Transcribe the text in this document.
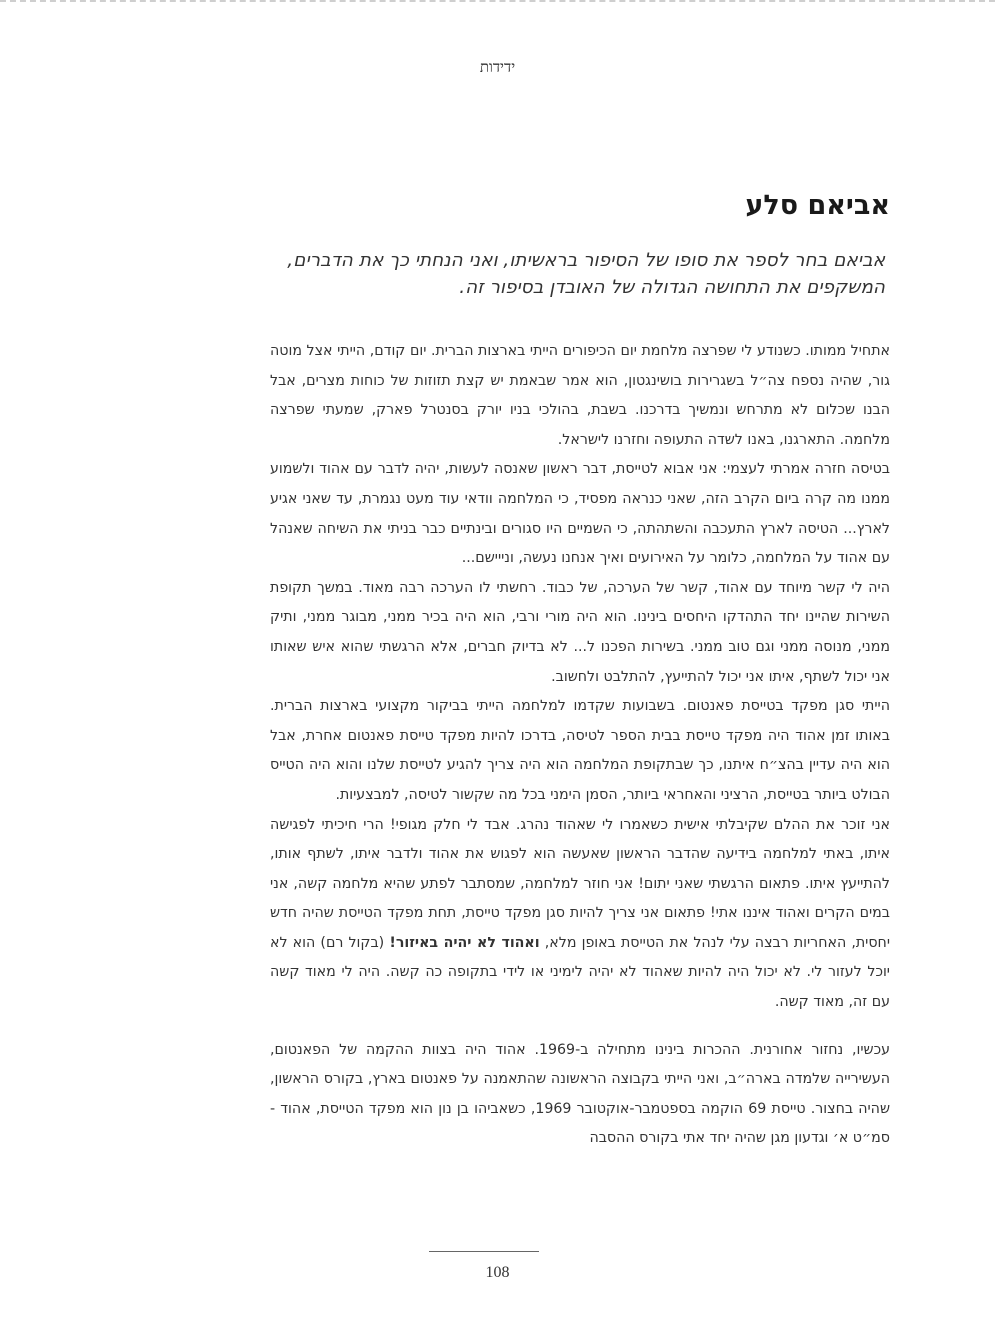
ידידות
אביאם סלע

אביאם בחר לספר את סופו של הסיפור בראשיתו, ואני הנחתי כך את הדברים, המשקפים את התחושה הגדולה של האובדן בסיפור זה.

אתחיל ממותו. כשנודע לי שפרצה מלחמת יום הכיפורים הייתי בארצות הברית. יום קודם, הייתי אצל מוטה גור, שהיה נספח צה״ל בשגרירות בושינגטון, הוא אמר שבאמת יש קצת תזוזות של כוחות מצרים, אבל הבנו שכלום לא מתרחש ונמשיך בדרכנו. בשבת, בהולכי בניו יורק בסנטרל פארק, שמעתי שפרצה מלחמה. התארגנו, באנו לשדה התעופה וחזרנו לישראל.

בטיסה חזרה אמרתי לעצמי: אני אבוא לטייסת, דבר ראשון שאנסה לעשות, יהיה לדבר עם אהוד ולשמוע ממנו מה קרה ביום הקרב הזה, שאני כנראה מפסיד, כי המלחמה וודאי עוד מעט נגמרת, עד שאני אגיע לארץ... הטיסה לארץ התעכבה והשתהתה, כי השמיים היו סגורים ובינתיים כבר בניתי את השיחה שאנהל עם אהוד על המלחמה, כלומר על האירועים ואיך אנחנו נעשה, ונייישם...

היה לי קשר מיוחד עם אהוד, קשר של הערכה, של כבוד. רחשתי לו הערכה רבה מאוד. במשך תקופת השירות שהיינו יחד התהדקו היחסים בינינו. הוא היה מורי ורבי, הוא היה בכיר ממני, מבוגר ממני, ותיק ממני, מנוסה ממני וגם טוב ממני. בשירות הפכנו ל... לא בדיוק חברים, אלא הרגשתי שהוא איש שאותו אני יכול לשתף, איתו אני יכול להתייעץ, להתלבט ולחשוב.

הייתי סגן מפקד בטייסת פאנטום. בשבועות שקדמו למלחמה הייתי בביקור מקצועי בארצות הברית. באותו זמן אהוד היה מפקד טייסת בבית הספר לטיסה, בדרכו להיות מפקד טייסת פאנטום אחרת, אבל הוא היה עדיין בהצ״ח איתנו, כך שבתקופת המלחמה הוא היה צריך להגיע לטייסת שלנו והוא היה הטייס הבולט ביותר בטייסת, הרציני והאחראי ביותר, הסמן הימני בכל מה שקשור לטיסה, למבצעיות.

אני זוכר את ההלם שקיבלתי אישית כשאמרו לי שאהוד נהרג. אבד לי חלק מגופי! הרי חיכיתי לפגישה איתו, באתי למלחמה בידיעה שהדבר הראשון שאעשה הוא לפגוש את אהוד ולדבר איתו, לשתף אותו, להתייעץ איתו. פתאום הרגשתי שאני יתום! אני חוזר למלחמה, שמסתבר לפתע שהיא מלחמה קשה, אני במים הקרים ואהוד איננו אתי! פתאום אני צריך להיות סגן מפקד טייסת, תחת מפקד הטייסת שהיה חדש יחסית, האחריות רבצה עלי לנהל את הטייסת באופן מלא, ואהוד לא יהיה באיזור! (בקול רם) הוא לא יוכל לעזור לי. לא יכול היה להיות שאהוד לא יהיה לימיני או לידי בתקופה כה קשה. היה לי מאוד קשה עם זה, מאוד קשה.

עכשיו, נחזור אחורנית. ההכרות בינינו מתחילה ב-1969. אהוד היה בצוות ההקמה של הפאנטום, העשירייה שלמדה בארה״ב, ואני הייתי בקבוצה הראשונה שהתאמנה על פאנטום בארץ, בקורס הראשון, שהיה בחצור. טייסת 69 הוקמה בספטמבר-אוקטובר 1969, כשאביהו בן נון הוא מפקד הטייסת, אהוד - סמ״ט א׳ וגדעון מגן שהיה יחד אתי בקורס ההסבה

108
